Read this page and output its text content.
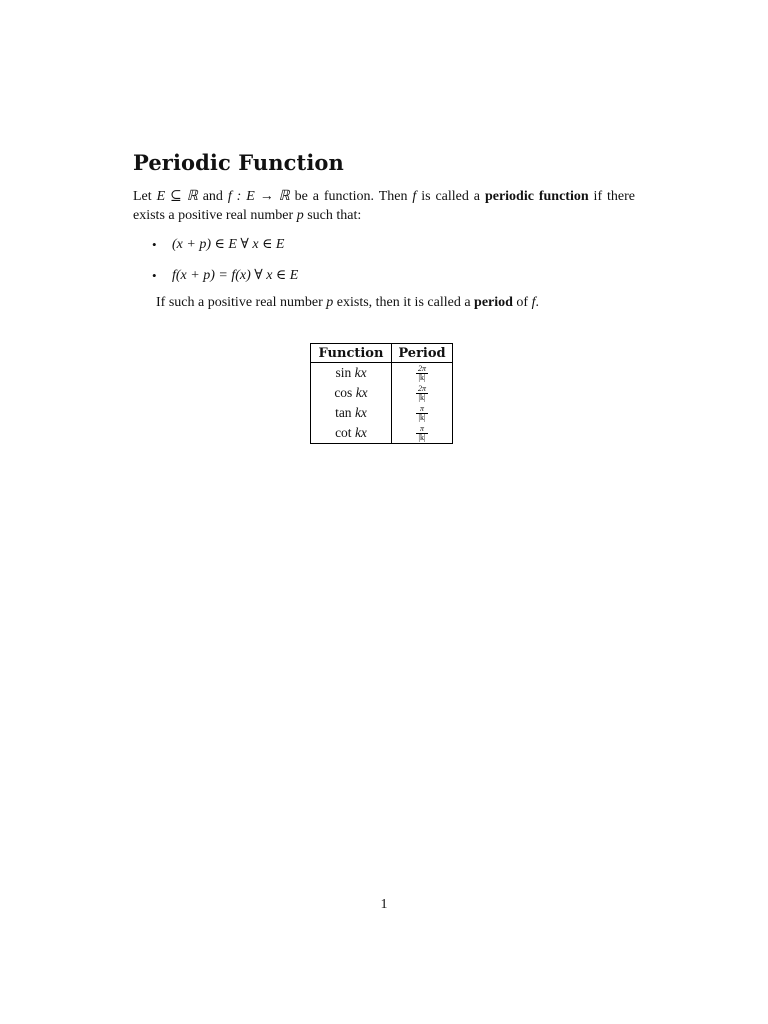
Periodic Function
Let E ⊆ ℝ and f : E → ℝ be a function. Then f is called a periodic function if there exists a positive real number p such that:
• (x + p) ∈ E ∀ x ∈ E
• f(x + p) = f(x) ∀ x ∈ E
If such a positive real number p exists, then it is called a period of f.
Function	Period
sin kx	$\frac{2\pi}{|k|}$

cos kx	$\frac{2\pi}{|k|}$

tan kx	$\frac{\pi}{|k|}$

cot kx	$\frac{\pi}{|k|}$
1
